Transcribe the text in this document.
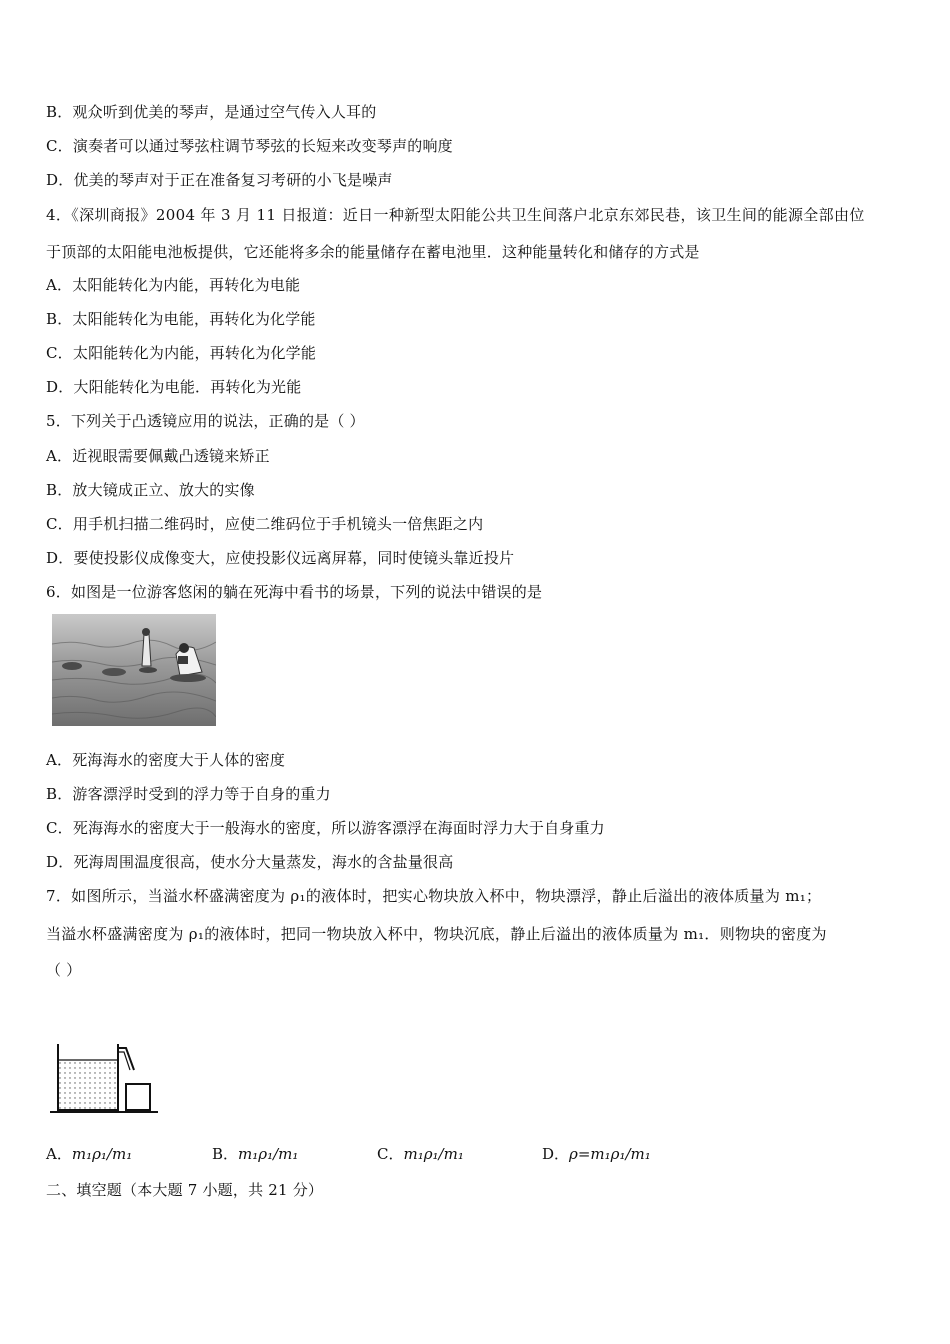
B．观众听到优美的琴声，是通过空气传入人耳的
C．演奏者可以通过琴弦柱调节琴弦的长短来改变琴声的响度
D．优美的琴声对于正在准备复习考研的小飞是噪声
4．《深圳商报》2004 年 3 月 11 日报道：近日一种新型太阳能公共卫生间落户北京东郊民巷，该卫生间的能源全部由位
于顶部的太阳能电池板提供，它还能将多余的能量储存在蓄电池里．这种能量转化和储存的方式是
A．太阳能转化为内能，再转化为电能
B．太阳能转化为电能，再转化为化学能
C．太阳能转化为内能，再转化为化学能
D．大阳能转化为电能．再转化为光能
5．下列关于凸透镜应用的说法，正确的是（ ）
A．近视眼需要佩戴凸透镜来矫正
B．放大镜成正立、放大的实像
C．用手机扫描二维码时，应使二维码位于手机镜头一倍焦距之内
D．要使投影仪成像变大，应使投影仪远离屏幕，同时使镜头靠近投片
6．如图是一位游客悠闲的躺在死海中看书的场景，下列的说法中错误的是
A．死海海水的密度大于人体的密度
B．游客漂浮时受到的浮力等于自身的重力
C．死海海水的密度大于一般海水的密度，所以游客漂浮在海面时浮力大于自身重力
D．死海周围温度很高，使水分大量蒸发，海水的含盐量很高
7．如图所示，当溢水杯盛满密度为 ρ₁的液体时，把实心物块放入杯中，物块漂浮，静止后溢出的液体质量为 m₁；
当溢水杯盛满密度为 ρ₁的液体时，把同一物块放入杯中，物块沉底，静止后溢出的液体质量为 m₁．则物块的密度为
（ ）
A．m₁ρ₁/m₁	B．m₁ρ₁/m₁	C．m₁ρ₁/m₁	D．ρ=m₁ρ₁/m₁
二、填空题（本大题 7 小题，共 21 分）
